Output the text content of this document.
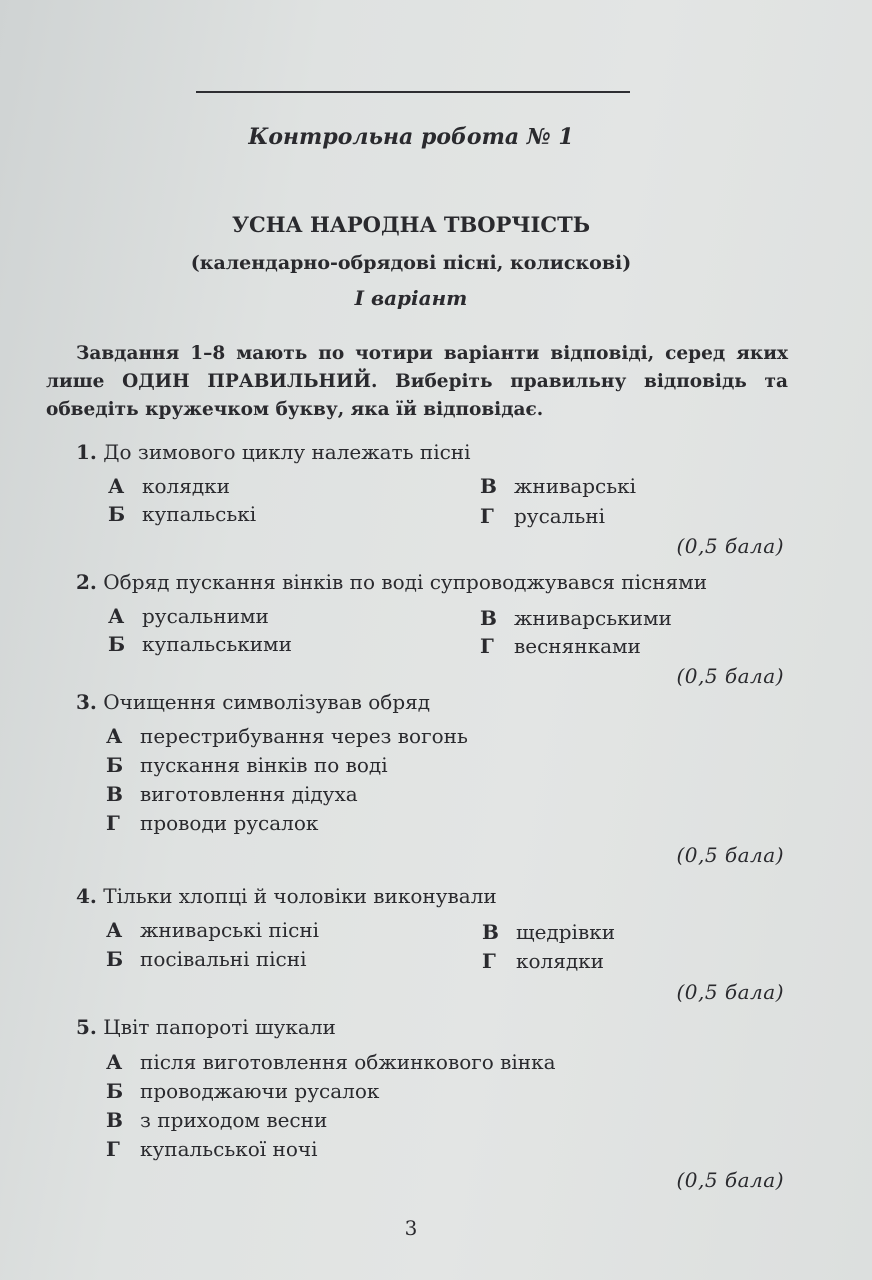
Контрольна робота № 1
УСНА НАРОДНА ТВОРЧІСТЬ
(календарно-обрядові пісні, колискові)
І варіант
Завдання 1–8 мають по чотири варіанти відповіді, серед яких лише ОДИН ПРАВИЛЬНИЙ. Виберіть правильну відповідь та обведіть кружечком букву, яка їй відповідає.
1. До зимового циклу належать пісні
А колядки
Б купальські
В жниварські
Г русальні
(0,5 бала)
2. Обряд пускання вінків по воді супроводжувався піснями
А русальними
Б купальськими
В жниварськими
Г веснянками
(0,5 бала)
3. Очищення символізував обряд
А перестрибування через вогонь
Б пускання вінків по воді
В виготовлення дідуха
Г проводи русалок
(0,5 бала)
4. Тільки хлопці й чоловіки виконували
А жниварські пісні
Б посівальні пісні
В щедрівки
Г колядки
(0,5 бала)
5. Цвіт папороті шукали
А після виготовлення обжинкового вінка
Б проводжаючи русалок
В з приходом весни
Г купальської ночі
(0,5 бала)
3
